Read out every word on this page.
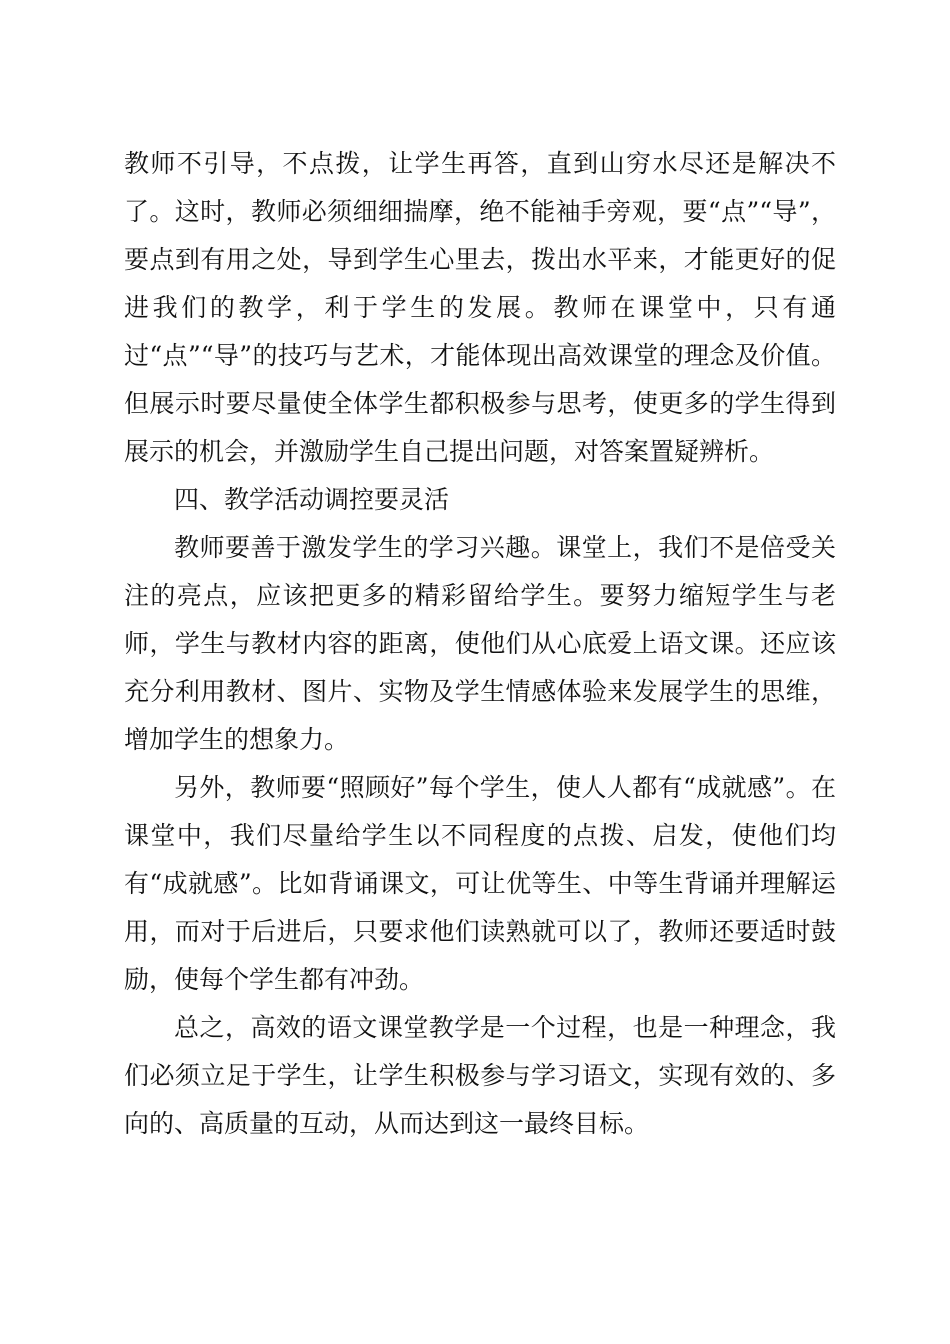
教师不引导，不点拨，让学生再答，直到山穷水尽还是解决不了。这时，教师必须细细揣摩，绝不能袖手旁观，要“点”“导”，要点到有用之处，导到学生心里去，拨出水平来，才能更好的促进我们的教学，利于学生的发展。教师在课堂中，只有通过“点”“导”的技巧与艺术，才能体现出高效课堂的理念及价值。但展示时要尽量使全体学生都积极参与思考，使更多的学生得到展示的机会，并激励学生自己提出问题，对答案置疑辨析。

四、教学活动调控要灵活

教师要善于激发学生的学习兴趣。课堂上，我们不是倍受关注的亮点，应该把更多的精彩留给学生。要努力缩短学生与老师，学生与教材内容的距离，使他们从心底爱上语文课。还应该充分利用教材、图片、实物及学生情感体验来发展学生的思维，增加学生的想象力。

另外，教师要“照顾好”每个学生，使人人都有“成就感”。在课堂中，我们尽量给学生以不同程度的点拨、启发，使他们均有“成就感”。比如背诵课文，可让优等生、中等生背诵并理解运用，而对于后进后，只要求他们读熟就可以了，教师还要适时鼓励，使每个学生都有冲劲。

总之，高效的语文课堂教学是一个过程，也是一种理念，我们必须立足于学生，让学生积极参与学习语文，实现有效的、多向的、高质量的互动，从而达到这一最终目标。
